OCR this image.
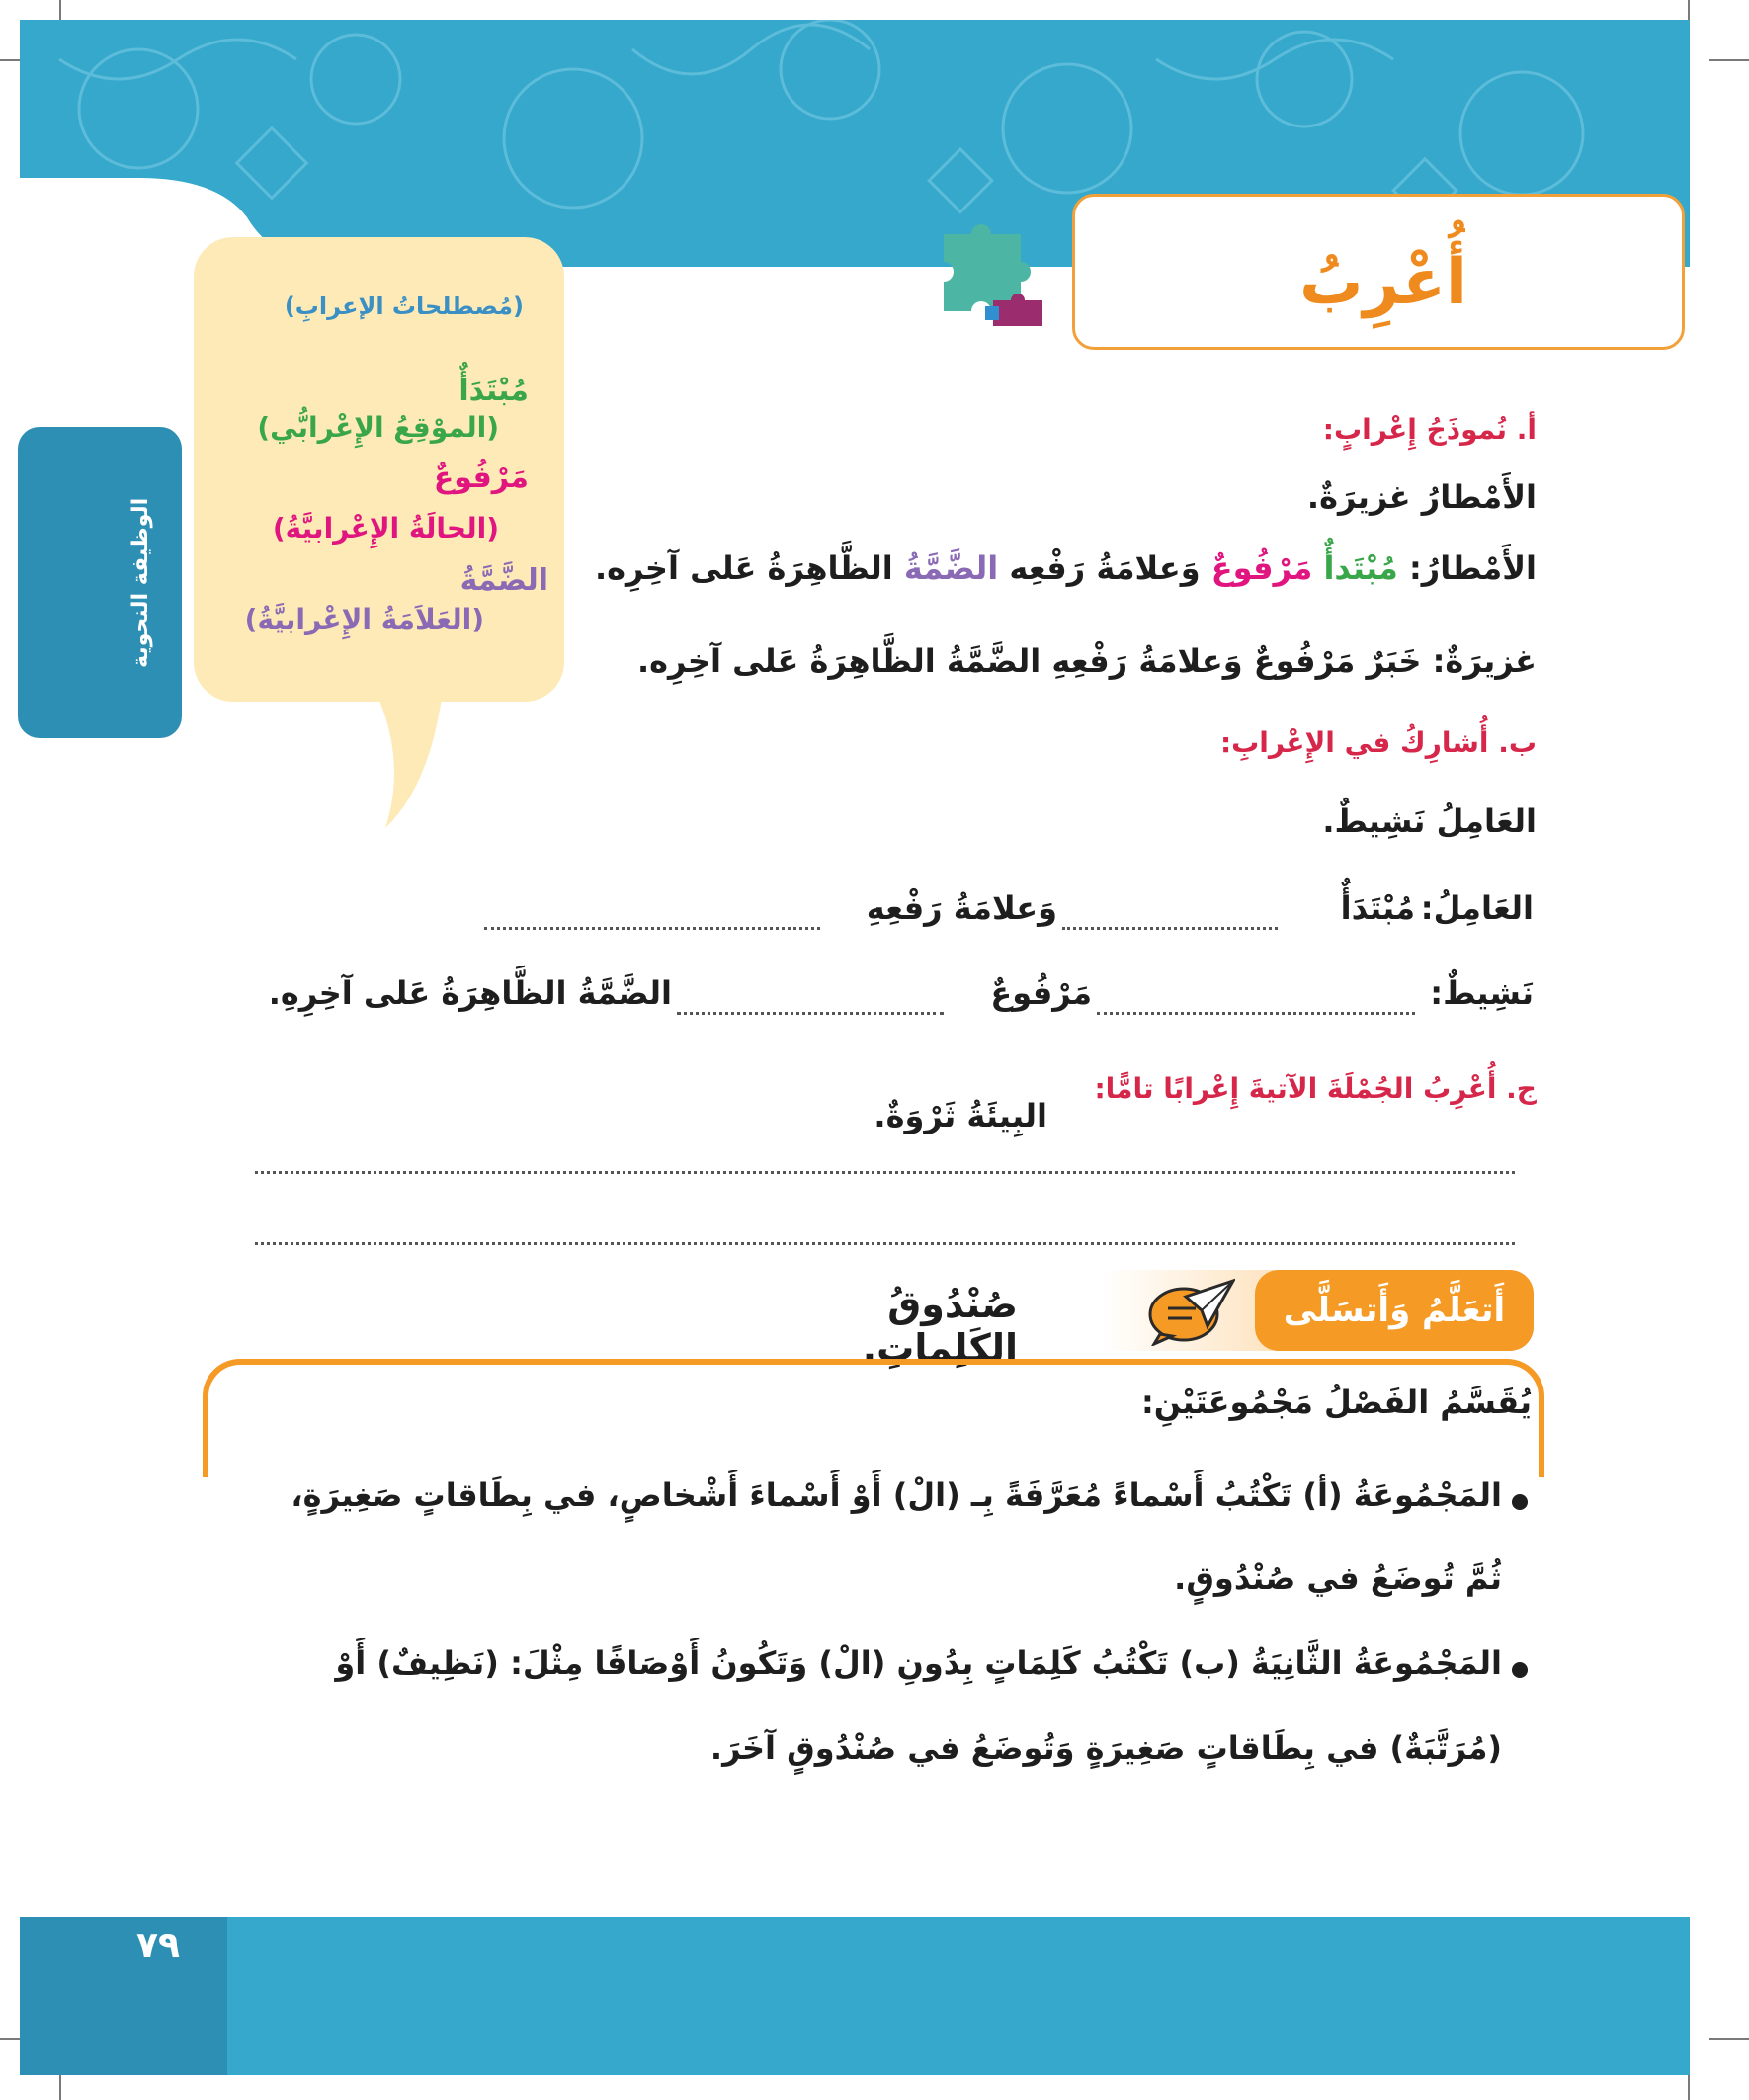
أُعْرِبُ
الوظيفة النحوية
(مُصطلحاتُ الإعرابِ)
مُبْتَدَأٌ
(الموْقِعُ الإِعْرابُّي)
مَرْفُوعٌ
(الحالَةُ الإِعْرابيَّةُ)
الضَّمَّةُ
(العَلاَمَةُ الإِعْرابيَّةُ)
أ. نُموذَجُ إِعْرابٍ:
الأَمْطارُ غزيرَةٌ.
الأَمْطارُ: مُبْتَدأٌ مَرْفُوعٌ وَعلامَةُ رَفْعِه الضَّمَّةُ الظَّاهِرَةُ عَلى آخِرِه.
غزيرَةٌ: خَبَرٌ مَرْفُوعٌ وَعلامَةُ رَفْعِهِ الضَّمَّةُ الظَّاهِرَةُ عَلى آخِرِه.
ب. أُشارِكُ في الإِعْرابِ:
العَامِلُ نَشِيطٌ.
العَامِلُ:
مُبْتَدَأٌ
وَعلامَةُ رَفْعِهِ
نَشِيطٌ:
مَرْفُوعٌ
الضَّمَّةُ الظَّاهِرَةُ عَلى آخِرِهِ.
ج. أُعْرِبُ الجُمْلَةَ الآتيةَ إِعْرابًا تامًّا:
البِيئَةُ ثَرْوَةٌ.
أَتعَلَّمُ وَأَتسَلَّى
صُنْدُوقُ الكَلِماتِ.
يُقَسَّمُ الفَصْلُ مَجْمُوعَتَيْنِ:
المَجْمُوعَةُ (أ) تَكْتُبُ أَسْماءً مُعَرَّفَةً بِـ (الْ) أَوْ أَسْماءَ أَشْخاصٍ، في بِطَاقاتٍ صَغِيرَةٍ،
ثُمَّ تُوضَعُ في صُنْدُوقٍ.
المَجْمُوعَةُ الثَّانِيَةُ (ب) تَكْتُبُ كَلِمَاتٍ بِدُونِ (الْ) وَتَكُونُ أَوْصَافًا مِثْلَ: (نَظِيفٌ) أَوْ
(مُرَتَّبَةٌ) في بِطَاقاتٍ صَغِيرَةٍ وَتُوضَعُ في صُنْدُوقٍ آخَرَ.
٧٩
